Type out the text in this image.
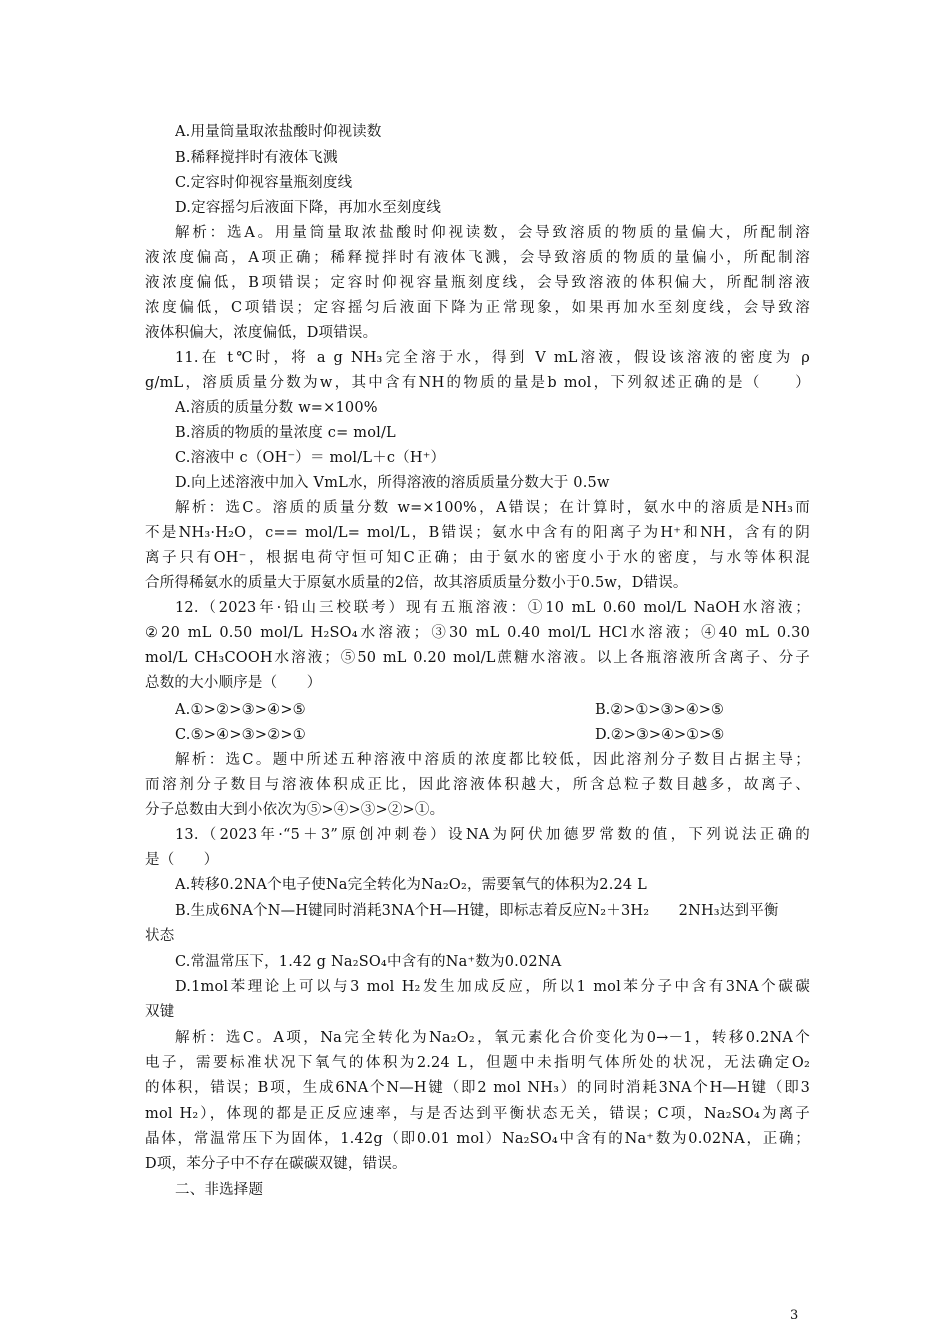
A.用量筒量取浓盐酸时仰视读数
B.稀释搅拌时有液体飞溅
C.定容时仰视容量瓶刻度线
D.定容摇匀后液面下降，再加水至刻度线
解析：选A。用量筒量取浓盐酸时仰视读数，会导致溶质的物质的量偏大，所配制溶
液浓度偏高，A项正确；稀释搅拌时有液体飞溅，会导致溶质的物质的量偏小，所配制溶
液浓度偏低，B项错误；定容时仰视容量瓶刻度线，会导致溶液的体积偏大，所配制溶液
浓度偏低，C项错误；定容摇匀后液面下降为正常现象，如果再加水至刻度线，会导致溶
液体积偏大，浓度偏低，D项错误。
11.在 t℃时，将 a g NH₃完全溶于水，得到 V mL溶液，假设该溶液的密度为 ρ
g/mL，溶质质量分数为w，其中含有NH的物质的量是b mol，下列叙述正确的是（　　）
A.溶质的质量分数 w=×100%
B.溶质的物质的量浓度 c= mol/L
C.溶液中 c（OH⁻）＝ mol/L＋c（H⁺）
D.向上述溶液中加入 VmL水，所得溶液的溶质质量分数大于 0.5w
解析：选C。溶质的质量分数 w=×100%，A错误；在计算时，氨水中的溶质是NH₃而
不是NH₃·H₂O，c== mol/L= mol/L，B错误；氨水中含有的阳离子为H⁺和NH，含有的阴
离子只有OH⁻，根据电荷守恒可知C正确；由于氨水的密度小于水的密度，与水等体积混
合所得稀氨水的质量大于原氨水质量的2倍，故其溶质质量分数小于0.5w，D错误。
12.（2023年·铅山三校联考）现有五瓶溶液：①10 mL 0.60 mol/L NaOH水溶液；
②20 mL 0.50 mol/L H₂SO₄水溶液；③30 mL 0.40 mol/L HCl水溶液；④40 mL 0.30
mol/L CH₃COOH水溶液；⑤50 mL 0.20 mol/L蔗糖水溶液。以上各瓶溶液所含离子、分子
总数的大小顺序是（　　）
A.①>②>③>④>⑤	B.②>①>③>④>⑤
C.⑤>④>③>②>①	D.②>③>④>①>⑤
解析：选C。题中所述五种溶液中溶质的浓度都比较低，因此溶剂分子数目占据主导；
而溶剂分子数目与溶液体积成正比，因此溶液体积越大，所含总粒子数目越多，故离子、
分子总数由大到小依次为⑤>④>③>②>①。
13.（2023年·“5＋3”原创冲刺卷）设NA为阿伏加德罗常数的值，下列说法正确的
是（　　）
A.转移0.2NA个电子使Na完全转化为Na₂O₂，需要氧气的体积为2.24 L
B.生成6NA个N—H键同时消耗3NA个H—H键，即标志着反应N₂＋3H₂　　2NH₃达到平衡
状态
C.常温常压下，1.42 g Na₂SO₄中含有的Na⁺数为0.02NA
D.1mol苯理论上可以与3 mol H₂发生加成反应，所以1 mol苯分子中含有3NA个碳碳
双键
解析：选C。A项，Na完全转化为Na₂O₂，氧元素化合价变化为0→－1，转移0.2NA个
电子，需要标准状况下氧气的体积为2.24 L，但题中未指明气体所处的状况，无法确定O₂
的体积，错误；B项，生成6NA个N—H键（即2 mol NH₃）的同时消耗3NA个H—H键（即3
mol H₂），体现的都是正反应速率，与是否达到平衡状态无关，错误；C项，Na₂SO₄为离子
晶体，常温常压下为固体，1.42g（即0.01 mol）Na₂SO₄中含有的Na⁺数为0.02NA，正确；
D项，苯分子中不存在碳碳双键，错误。
二、非选择题
3
